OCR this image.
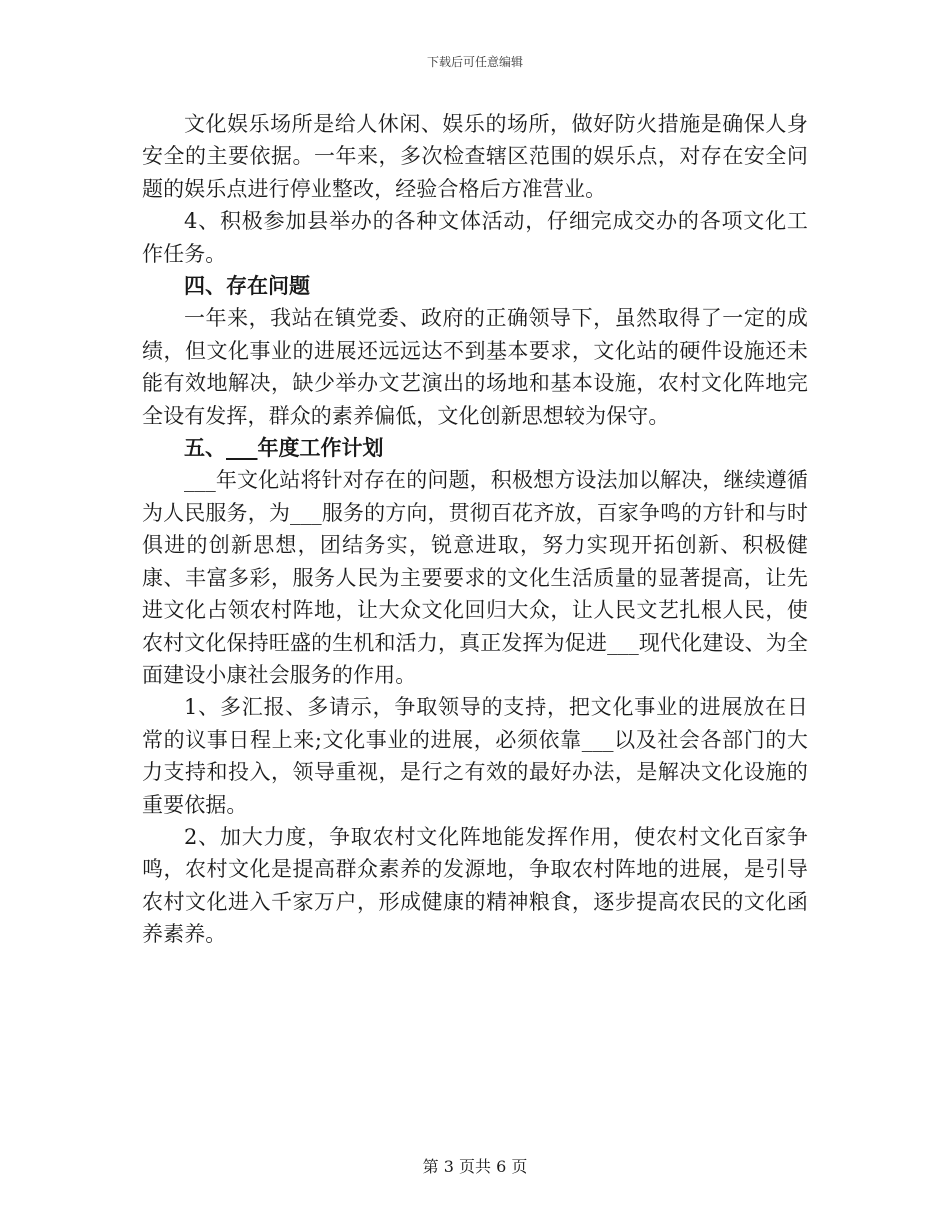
下载后可任意编辑

文化娱乐场所是给人休闲、娱乐的场所，做好防火措施是确保人身安全的主要依据。一年来，多次检查辖区范围的娱乐点，对存在安全问题的娱乐点进行停业整改，经验合格后方准营业。

4、积极参加县举办的各种文体活动，仔细完成交办的各项文化工作任务。

四、存在问题

一年来，我站在镇党委、政府的正确领导下，虽然取得了一定的成绩，但文化事业的进展还远远达不到基本要求，文化站的硬件设施还未能有效地解决，缺少举办文艺演出的场地和基本设施，农村文化阵地完全设有发挥，群众的素养偏低，文化创新思想较为保守。

五、___年度工作计划

___年文化站将针对存在的问题，积极想方设法加以解决，继续遵循为人民服务，为___服务的方向，贯彻百花齐放，百家争鸣的方针和与时俱进的创新思想，团结务实，锐意进取，努力实现开拓创新、积极健康、丰富多彩，服务人民为主要要求的文化生活质量的显著提高，让先进文化占领农村阵地，让大众文化回归大众，让人民文艺扎根人民，使农村文化保持旺盛的生机和活力，真正发挥为促进___现代化建设、为全面建设小康社会服务的作用。

1、多汇报、多请示，争取领导的支持，把文化事业的进展放在日常的议事日程上来;文化事业的进展，必须依靠___以及社会各部门的大力支持和投入，领导重视，是行之有效的最好办法，是解决文化设施的重要依据。

2、加大力度，争取农村文化阵地能发挥作用，使农村文化百家争鸣，农村文化是提高群众素养的发源地，争取农村阵地的进展，是引导农村文化进入千家万户，形成健康的精神粮食，逐步提高农民的文化函养素养。

第 3 页共 6 页
